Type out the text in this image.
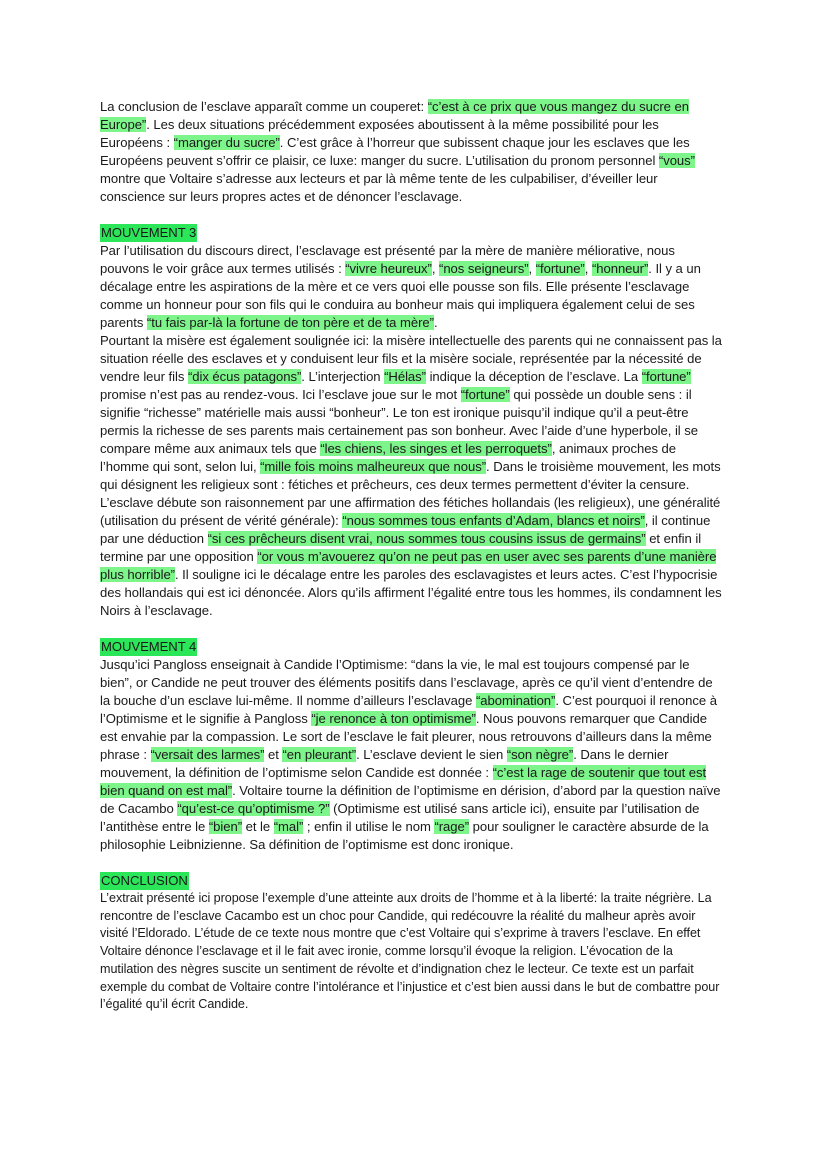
La conclusion de l’esclave apparaît comme un couperet: “c’est à ce prix que vous mangez du sucre en Europe”. Les deux situations précédemment exposées aboutissent à la même possibilité pour les Européens : “manger du sucre”. C’est grâce à l’horreur que subissent chaque jour les esclaves que les Européens peuvent s’offrir ce plaisir, ce luxe: manger du sucre. L’utilisation du pronom personnel “vous” montre que Voltaire s’adresse aux lecteurs et par là même tente de les culpabiliser, d’éveiller leur conscience sur leurs propres actes et de dénoncer l’esclavage.

MOUVEMENT 3

Par l’utilisation du discours direct, l’esclavage est présenté par la mère de manière méliorative, nous pouvons le voir grâce aux termes utilisés : “vivre heureux”, “nos seigneurs”, “fortune”, “honneur”. Il y a un décalage entre les aspirations de la mère et ce vers quoi elle pousse son fils. Elle présente l’esclavage comme un honneur pour son fils qui le conduira au bonheur mais qui impliquera également celui de ses parents “tu fais par-là la fortune de ton père et de ta mère”.
Pourtant la misère est également soulignée ici: la misère intellectuelle des parents qui ne connaissent pas la situation réelle des esclaves et y conduisent leur fils et la misère sociale, représentée par la nécessité de vendre leur fils “dix écus patagons”. L’interjection “Hélas” indique la déception de l’esclave. La “fortune” promise n’est pas au rendez-vous. Ici l’esclave joue sur le mot “fortune” qui possède un double sens : il signifie “richesse” matérielle mais aussi “bonheur”. Le ton est ironique puisqu’il indique qu’il a peut-être permis la richesse de ses parents mais certainement pas son bonheur. Avec l’aide d’une hyperbole, il se compare même aux animaux tels que “les chiens, les singes et les perroquets”, animaux proches de l’homme qui sont, selon lui, “mille fois moins malheureux que nous”. Dans le troisième mouvement, les mots qui désignent les religieux sont : fétiches et prêcheurs, ces deux termes permettent d’éviter la censure. L’esclave débute son raisonnement par une affirmation des fétiches hollandais (les religieux), une généralité (utilisation du présent de vérité générale): “nous sommes tous enfants d’Adam, blancs et noirs”, il continue par une déduction “si ces prêcheurs disent vrai, nous sommes tous cousins issus de germains” et enfin il termine par une opposition “or vous m’avouerez qu’on ne peut pas en user avec ses parents d’une manière plus horrible”. Il souligne ici le décalage entre les paroles des esclavagistes et leurs actes. C’est l’hypocrisie des hollandais qui est ici dénoncée. Alors qu’ils affirment l’égalité entre tous les hommes, ils condamnent les Noirs à l’esclavage.

MOUVEMENT 4

Jusqu’ici Pangloss enseignait à Candide l’Optimisme: “dans la vie, le mal est toujours compensé par le bien”, or Candide ne peut trouver des éléments positifs dans l’esclavage, après ce qu’il vient d’entendre de la bouche d’un esclave lui-même. Il nomme d’ailleurs l’esclavage “abomination”. C’est pourquoi il renonce à l’Optimisme et le signifie à Pangloss “je renonce à ton optimisme”. Nous pouvons remarquer que Candide est envahie par la compassion. Le sort de l’esclave le fait pleurer, nous retrouvons d’ailleurs dans la même phrase : “versait des larmes” et “en pleurant”. L’esclave devient le sien “son nègre”. Dans le dernier mouvement, la définition de l’optimisme selon Candide est donnée : “c’est la rage de soutenir que tout est bien quand on est mal”. Voltaire tourne la définition de l’optimisme en dérision, d’abord par la question naïve de Cacambo “qu’est-ce qu’optimisme ?” (Optimisme est utilisé sans article ici), ensuite par l’utilisation de l’antithèse entre le “bien” et le “mal” ; enfin il utilise le nom “rage” pour souligner le caractère absurde de la philosophie Leibnizienne. Sa définition de l’optimisme est donc ironique.

CONCLUSION

L’extrait présenté ici propose l’exemple d’une atteinte aux droits de l’homme et à la liberté: la traite négrière. La rencontre de l’esclave Cacambo est un choc pour Candide, qui redécouvre la réalité du malheur après avoir visité l’Eldorado. L’étude de ce texte nous montre que c’est Voltaire qui s’exprime à travers l’esclave. En effet Voltaire dénonce l’esclavage et il le fait avec ironie, comme lorsqu’il évoque la religion. L’évocation de la mutilation des nègres suscite un sentiment de révolte et d’indignation chez le lecteur. Ce texte est un parfait exemple du combat de Voltaire contre l’intolérance et l’injustice et c’est bien aussi dans le but de combattre pour l’égalité qu’il écrit Candide.
